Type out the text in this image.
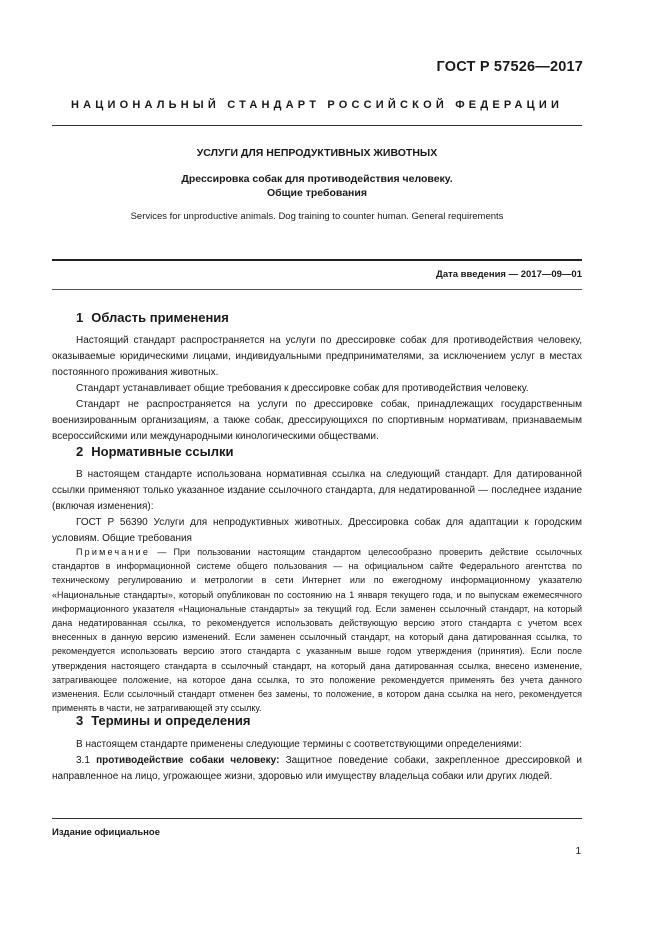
ГОСТ Р 57526—2017
НАЦИОНАЛЬНЫЙ СТАНДАРТ РОССИЙСКОЙ ФЕДЕРАЦИИ
УСЛУГИ ДЛЯ НЕПРОДУКТИВНЫХ ЖИВОТНЫХ
Дрессировка собак для противодействия человеку.
Общие требования
Services for unproductive animals. Dog training to counter human. General requirements
Дата введения — 2017—09—01
1 Область применения
Настоящий стандарт распространяется на услуги по дрессировке собак для противодействия человеку, оказываемые юридическими лицами, индивидуальными предпринимателями, за исключением услуг в местах постоянного проживания животных.
Стандарт устанавливает общие требования к дрессировке собак для противодействия человеку.
Стандарт не распространяется на услуги по дрессировке собак, принадлежащих государственным военизированным организациям, а также собак, дрессирующихся по спортивным нормативам, признаваемым всероссийскими или международными кинологическими обществами.
2 Нормативные ссылки
В настоящем стандарте использована нормативная ссылка на следующий стандарт. Для датированной ссылки применяют только указанное издание ссылочного стандарта, для недатированной — последнее издание (включая изменения):
ГОСТ Р 56390 Услуги для непродуктивных животных. Дрессировка собак для адаптации к городским условиям. Общие требования
Примечание — При пользовании настоящим стандартом целесообразно проверить действие ссылочных стандартов в информационной системе общего пользования — на официальном сайте Федерального агентства по техническому регулированию и метрологии в сети Интернет или по ежегодному информационному указателю «Национальные стандарты», который опубликован по состоянию на 1 января текущего года, и по выпускам ежемесячного информационного указателя «Национальные стандарты» за текущий год. Если заменен ссылочный стандарт, на который дана недатированная ссылка, то рекомендуется использовать действующую версию этого стандарта с учетом всех внесенных в данную версию изменений. Если заменен ссылочный стандарт, на который дана датированная ссылка, то рекомендуется использовать версию этого стандарта с указанным выше годом утверждения (принятия). Если после утверждения настоящего стандарта в ссылочный стандарт, на который дана датированная ссылка, внесено изменение, затрагивающее положение, на которое дана ссылка, то это положение рекомендуется применять без учета данного изменения. Если ссылочный стандарт отменен без замены, то положение, в котором дана ссылка на него, рекомендуется применять в части, не затрагивающей эту ссылку.
3 Термины и определения
В настоящем стандарте применены следующие термины с соответствующими определениями:
3.1 противодействие собаки человеку: Защитное поведение собаки, закрепленное дрессировкой и направленное на лицо, угрожающее жизни, здоровью или имуществу владельца собаки или других людей.
Издание официальное
1
